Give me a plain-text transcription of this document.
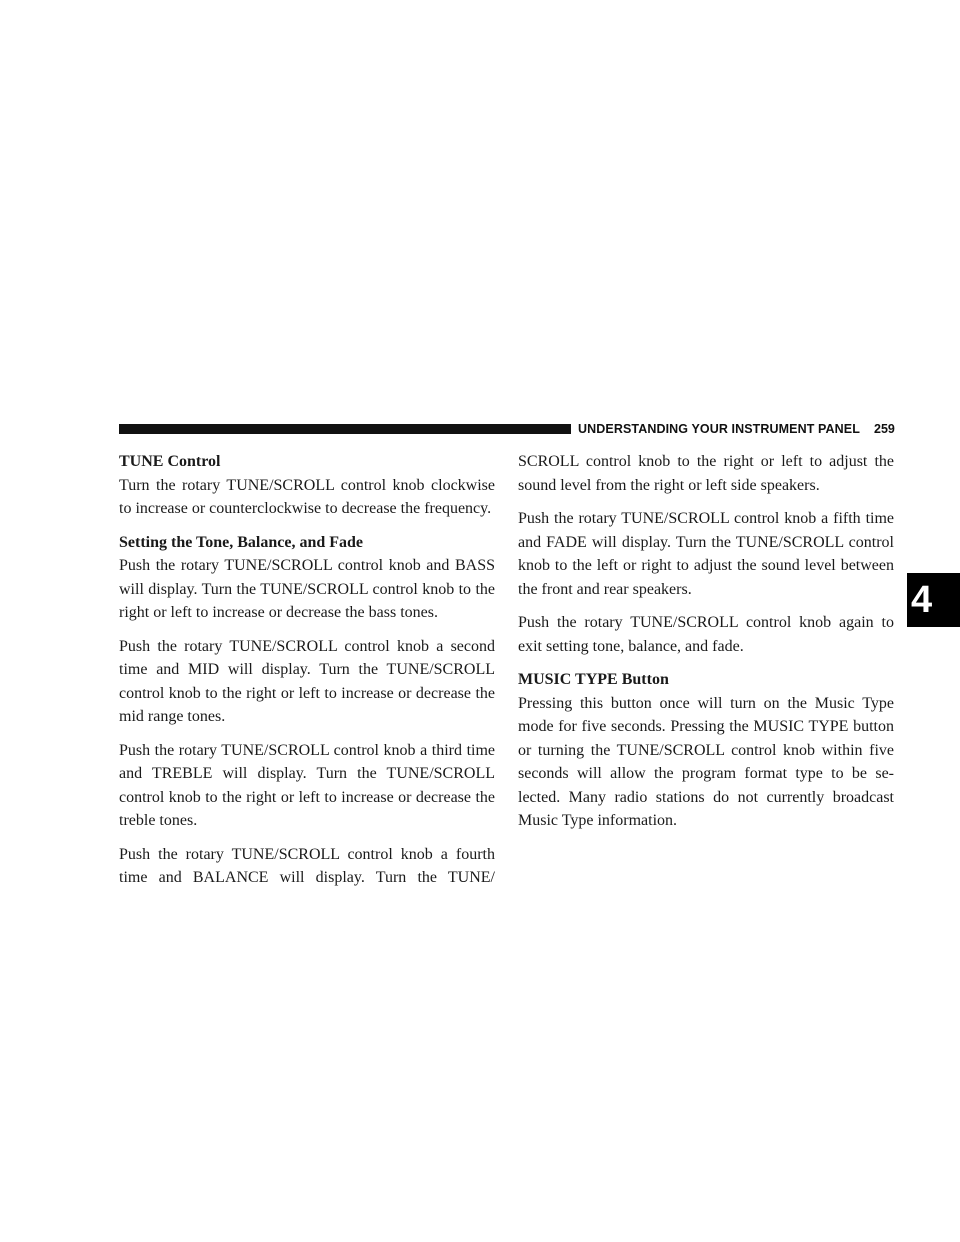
UNDERSTANDING YOUR INSTRUMENT PANEL 259
4
TUNE Control

Turn the rotary TUNE/SCROLL control knob clockwise to increase or counterclockwise to decrease the frequency.

Setting the Tone, Balance, and Fade

Push the rotary TUNE/SCROLL control knob and BASS will display. Turn the TUNE/SCROLL control knob to the right or left to increase or decrease the bass tones.

Push the rotary TUNE/SCROLL control knob a second time and MID will display. Turn the TUNE/SCROLL control knob to the right or left to increase or decrease the mid range tones.

Push the rotary TUNE/SCROLL control knob a third time and TREBLE will display. Turn the TUNE/SCROLL control knob to the right or left to increase or decrease the treble tones.

Push the rotary TUNE/SCROLL control knob a fourth time and BALANCE will display. Turn the TUNE/

SCROLL control knob to the right or left to adjust the sound level from the right or left side speakers.

Push the rotary TUNE/SCROLL control knob a fifth time and FADE will display. Turn the TUNE/SCROLL control knob to the left or right to adjust the sound level between the front and rear speakers.

Push the rotary TUNE/SCROLL control knob again to exit setting tone, balance, and fade.

MUSIC TYPE Button

Pressing this button once will turn on the Music Type mode for five seconds. Pressing the MUSIC TYPE button or turning the TUNE/SCROLL control knob within five seconds will allow the program format type to be se-lected. Many radio stations do not currently broadcast Music Type information.
